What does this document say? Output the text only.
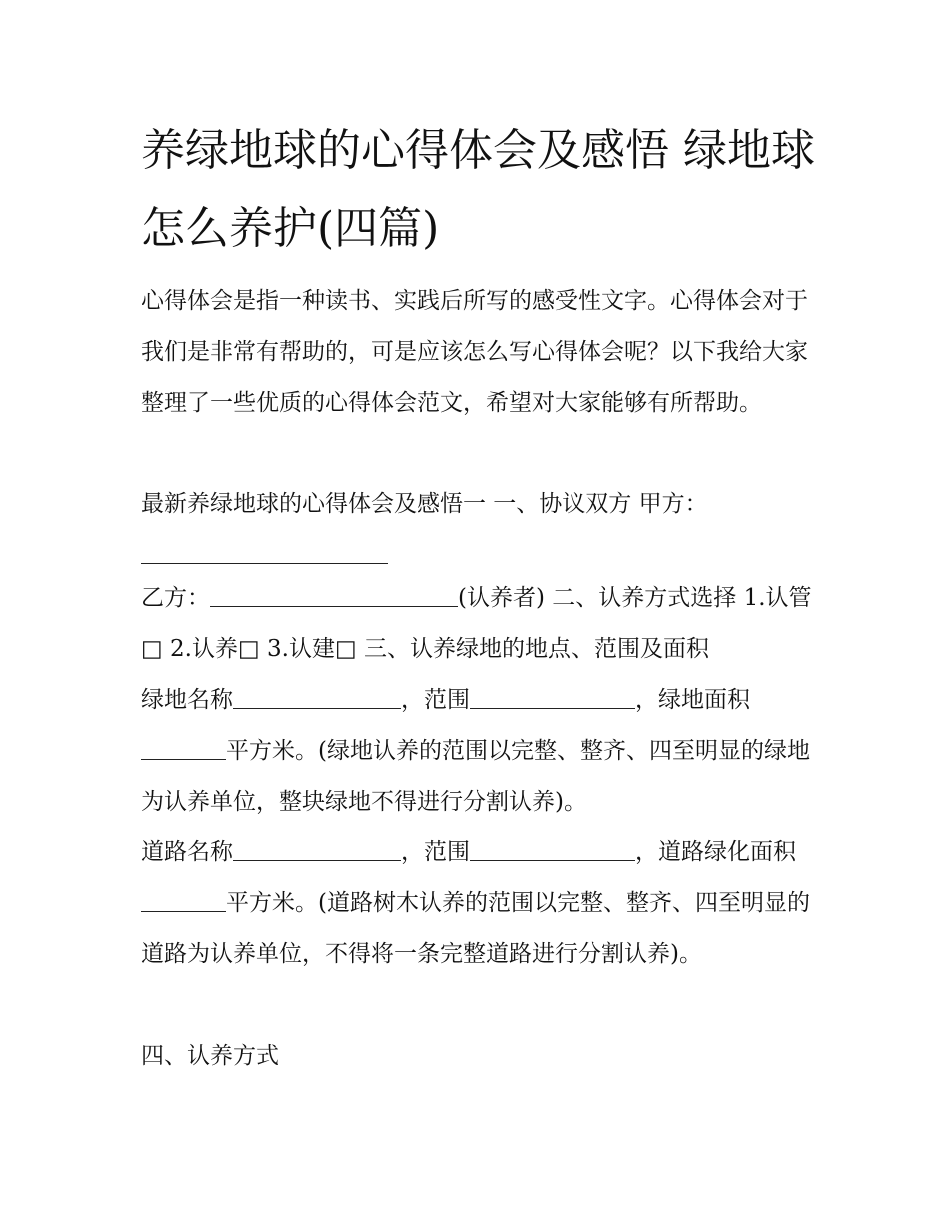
养绿地球的心得体会及感悟 绿地球怎么养护(四篇)

心得体会是指一种读书、实践后所写的感受性文字。心得体会对于我们是非常有帮助的，可是应该怎么写心得体会呢？以下我给大家整理了一些优质的心得体会范文，希望对大家能够有所帮助。

最新养绿地球的心得体会及感悟一 一、协议双方 甲方：

乙方：	(认养者) 二、认养方式选择 1.认管□ 2.认养□ 3.认建□ 三、认养绿地的地点、范围及面积

绿地名称	，范围	，绿地面积平方米。(绿地认养的范围以完整、整齐、四至明显的绿地为认养单位，整块绿地不得进行分割认养)。

道路名称	，范围	，道路绿化面积平方米。(道路树木认养的范围以完整、整齐、四至明显的道路为认养单位，不得将一条完整道路进行分割认养)。

四、认养方式
